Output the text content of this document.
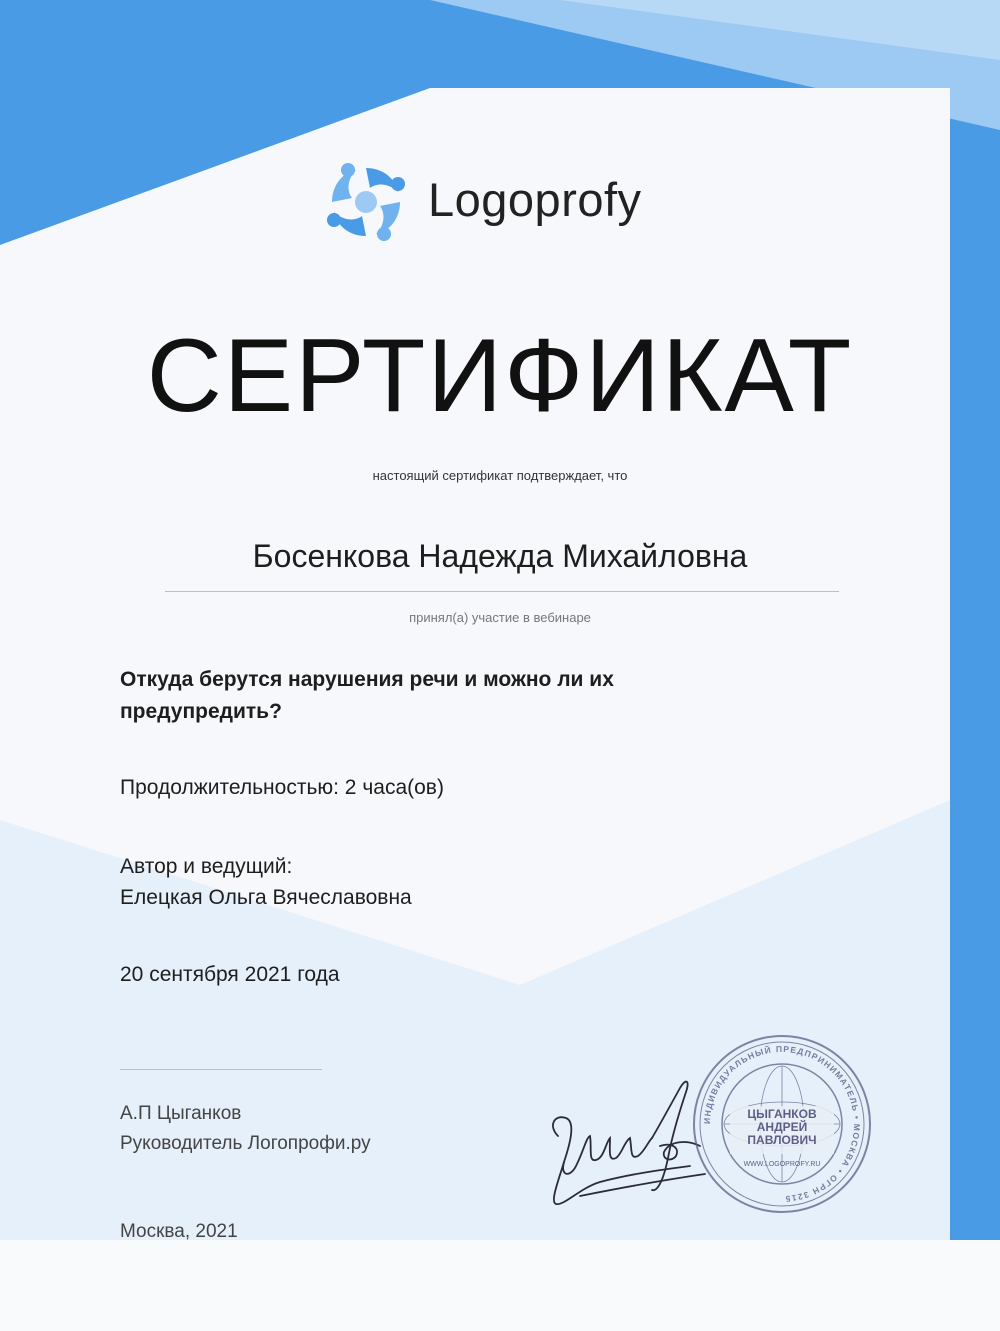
Logoprofy
СЕРТИФИКАТ
настоящий сертификат подтверждает, что
Босенкова Надежда Михайловна
принял(а) участие в вебинаре
Откуда берутся нарушения речи и можно ли их предупредить?
Продолжительностью: 2 часа(ов)
Автор и ведущий:
Елецкая Ольга Вячеславовна
20 сентября 2021 года
А.П Цыганков
Руководитель Логопрофи.ру
Москва, 2021
ИНДИВИДУАЛЬНЫЙ ПРЕДПРИНИМАТЕЛЬ • МОСКВА • ОГРН 3215
ЦЫГАНКОВ
АНДРЕЙ
ПАВЛОВИЧ
WWW.LOGOPROFY.RU
